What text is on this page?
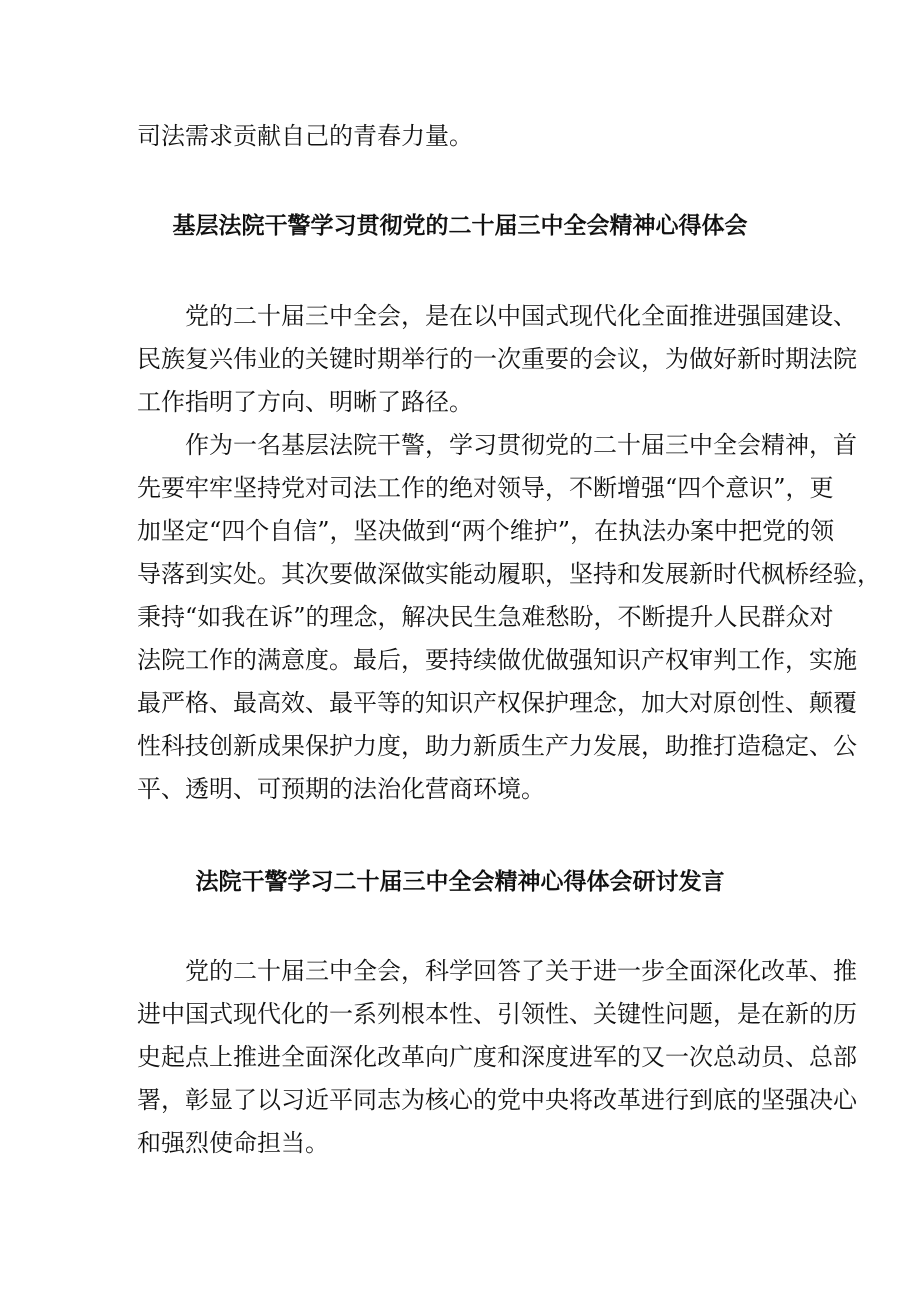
司法需求贡献自己的青春力量。
基层法院干警学习贯彻党的二十届三中全会精神心得体会
党的二十届三中全会，是在以中国式现代化全面推进强国建设、
民族复兴伟业的关键时期举行的一次重要的会议，为做好新时期法院
工作指明了方向、明晰了路径。
作为一名基层法院干警，学习贯彻党的二十届三中全会精神，首
先要牢牢坚持党对司法工作的绝对领导，不断增强“四个意识”，更
加坚定“四个自信”，坚决做到“两个维护”，在执法办案中把党的领
导落到实处。其次要做深做实能动履职，坚持和发展新时代枫桥经验，
秉持“如我在诉”的理念，解决民生急难愁盼，不断提升人民群众对
法院工作的满意度。最后，要持续做优做强知识产权审判工作，实施
最严格、最高效、最平等的知识产权保护理念，加大对原创性、颠覆
性科技创新成果保护力度，助力新质生产力发展，助推打造稳定、公
平、透明、可预期的法治化营商环境。
法院干警学习二十届三中全会精神心得体会研讨发言
党的二十届三中全会，科学回答了关于进一步全面深化改革、推
进中国式现代化的一系列根本性、引领性、关键性问题，是在新的历
史起点上推进全面深化改革向广度和深度进军的又一次总动员、总部
署，彰显了以习近平同志为核心的党中央将改革进行到底的坚强决心
和强烈使命担当。
